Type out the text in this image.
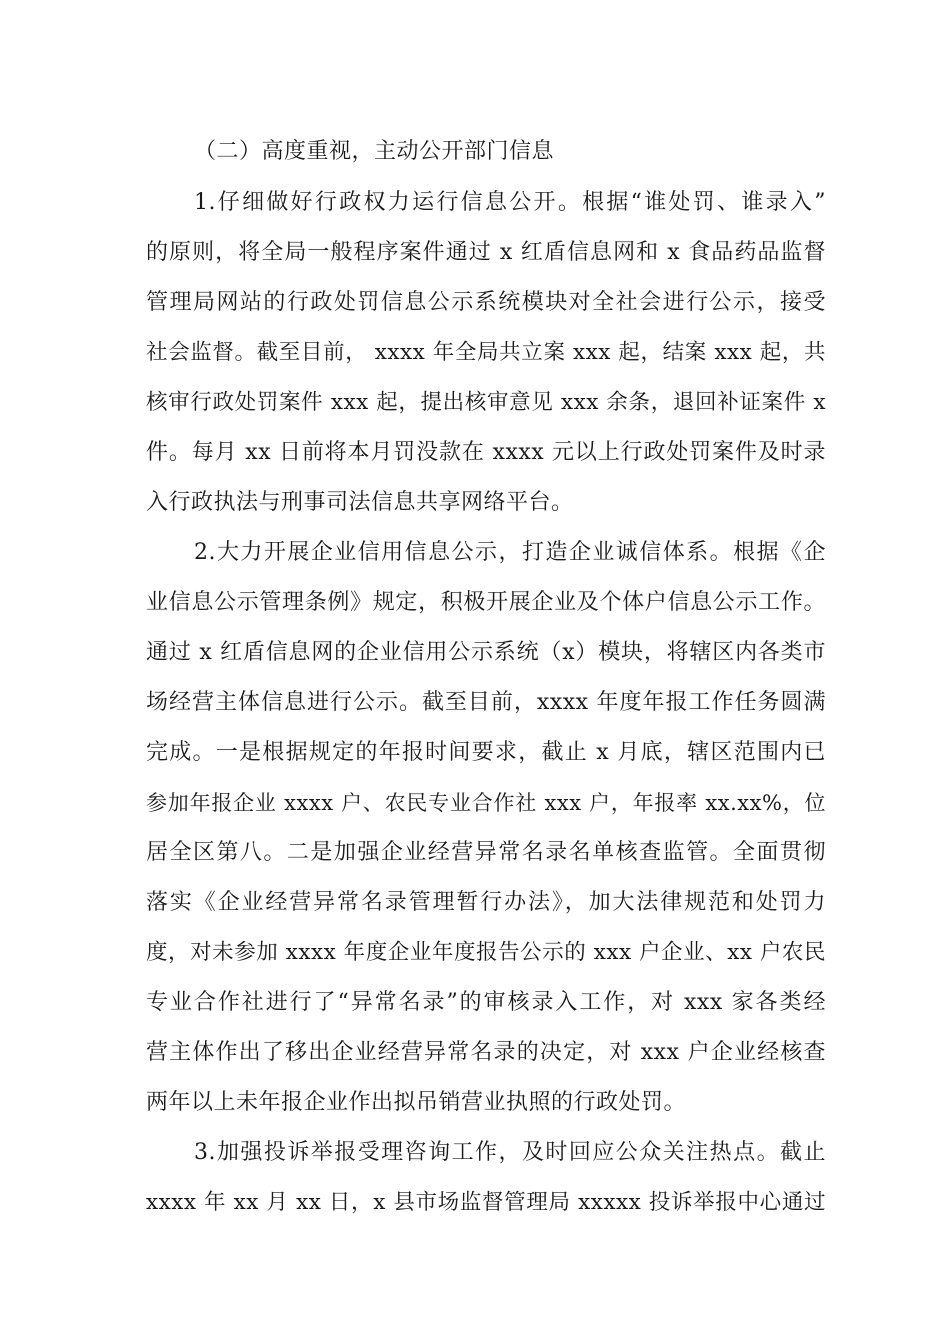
（二）高度重视，主动公开部门信息
1.仔细做好行政权力运行信息公开。根据“谁处罚、谁录入”
的原则，将全局一般程序案件通过 x 红盾信息网和 x 食品药品监督
管理局网站的行政处罚信息公示系统模块对全社会进行公示，接受
社会监督。截至目前， xxxx 年全局共立案 xxx 起，结案 xxx 起，共
核审行政处罚案件 xxx 起，提出核审意见 xxx 余条，退回补证案件 x
件。每月 xx 日前将本月罚没款在 xxxx 元以上行政处罚案件及时录
入行政执法与刑事司法信息共享网络平台。
2.大力开展企业信用信息公示，打造企业诚信体系。根据《企
业信息公示管理条例》规定，积极开展企业及个体户信息公示工作。
通过 x 红盾信息网的企业信用公示系统（x）模块，将辖区内各类市
场经营主体信息进行公示。截至目前，xxxx 年度年报工作任务圆满
完成。一是根据规定的年报时间要求，截止 x 月底，辖区范围内已
参加年报企业 xxxx 户、农民专业合作社 xxx 户，年报率 xx.xx%，位
居全区第八。二是加强企业经营异常名录名单核查监管。全面贯彻
落实《企业经营异常名录管理暂行办法》，加大法律规范和处罚力
度，对未参加 xxxx 年度企业年度报告公示的 xxx 户企业、xx 户农民
专业合作社进行了“异常名录”的审核录入工作，对 xxx 家各类经
营主体作出了移出企业经营异常名录的决定，对 xxx 户企业经核查
两年以上未年报企业作出拟吊销营业执照的行政处罚。
3.加强投诉举报受理咨询工作，及时回应公众关注热点。截止
xxxx 年 xx 月 xx 日，x 县市场监督管理局 xxxxx 投诉举报中心通过
